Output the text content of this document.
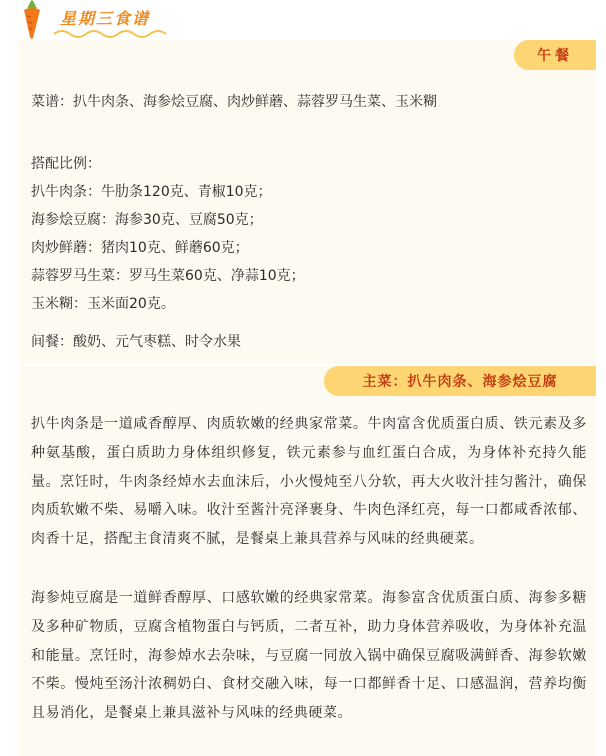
星期三食谱
午餐
菜谱：扒牛肉条、海参烩豆腐、肉炒鲜蘑、蒜蓉罗马生菜、玉米糊
搭配比例：
扒牛肉条：牛肋条120克、青椒10克；
海参烩豆腐：海参30克、豆腐50克；
肉炒鲜蘑：猪肉10克、鲜蘑60克；
蒜蓉罗马生菜：罗马生菜60克、净蒜10克；
玉米糊：玉米面20克。
间餐：酸奶、元气枣糕、时令水果
主菜：扒牛肉条、海参烩豆腐
扒牛肉条是一道咸香醇厚、肉质软嫩的经典家常菜。牛肉富含优质蛋白质、铁元素及多种氨基酸，蛋白质助力身体组织修复，铁元素参与血红蛋白合成，为身体补充持久能量。烹饪时，牛肉条经焯水去血沫后，小火慢炖至八分软，再大火收汁挂匀酱汁，确保肉质软嫩不柴、易嚼入味。收汁至酱汁亮泽裹身、牛肉色泽红亮，每一口都咸香浓郁、肉香十足，搭配主食清爽不腻，是餐桌上兼具营养与风味的经典硬菜。
海参炖豆腐是一道鲜香醇厚、口感软嫩的经典家常菜。海参富含优质蛋白质、海参多糖及多种矿物质，豆腐含植物蛋白与钙质，二者互补，助力身体营养吸收，为身体补充温和能量。烹饪时，海参焯水去杂味，与豆腐一同放入锅中确保豆腐吸满鲜香、海参软嫩不柴。慢炖至汤汁浓稠奶白、食材交融入味，每一口都鲜香十足、口感温润，营养均衡且易消化，是餐桌上兼具滋补与风味的经典硬菜。
